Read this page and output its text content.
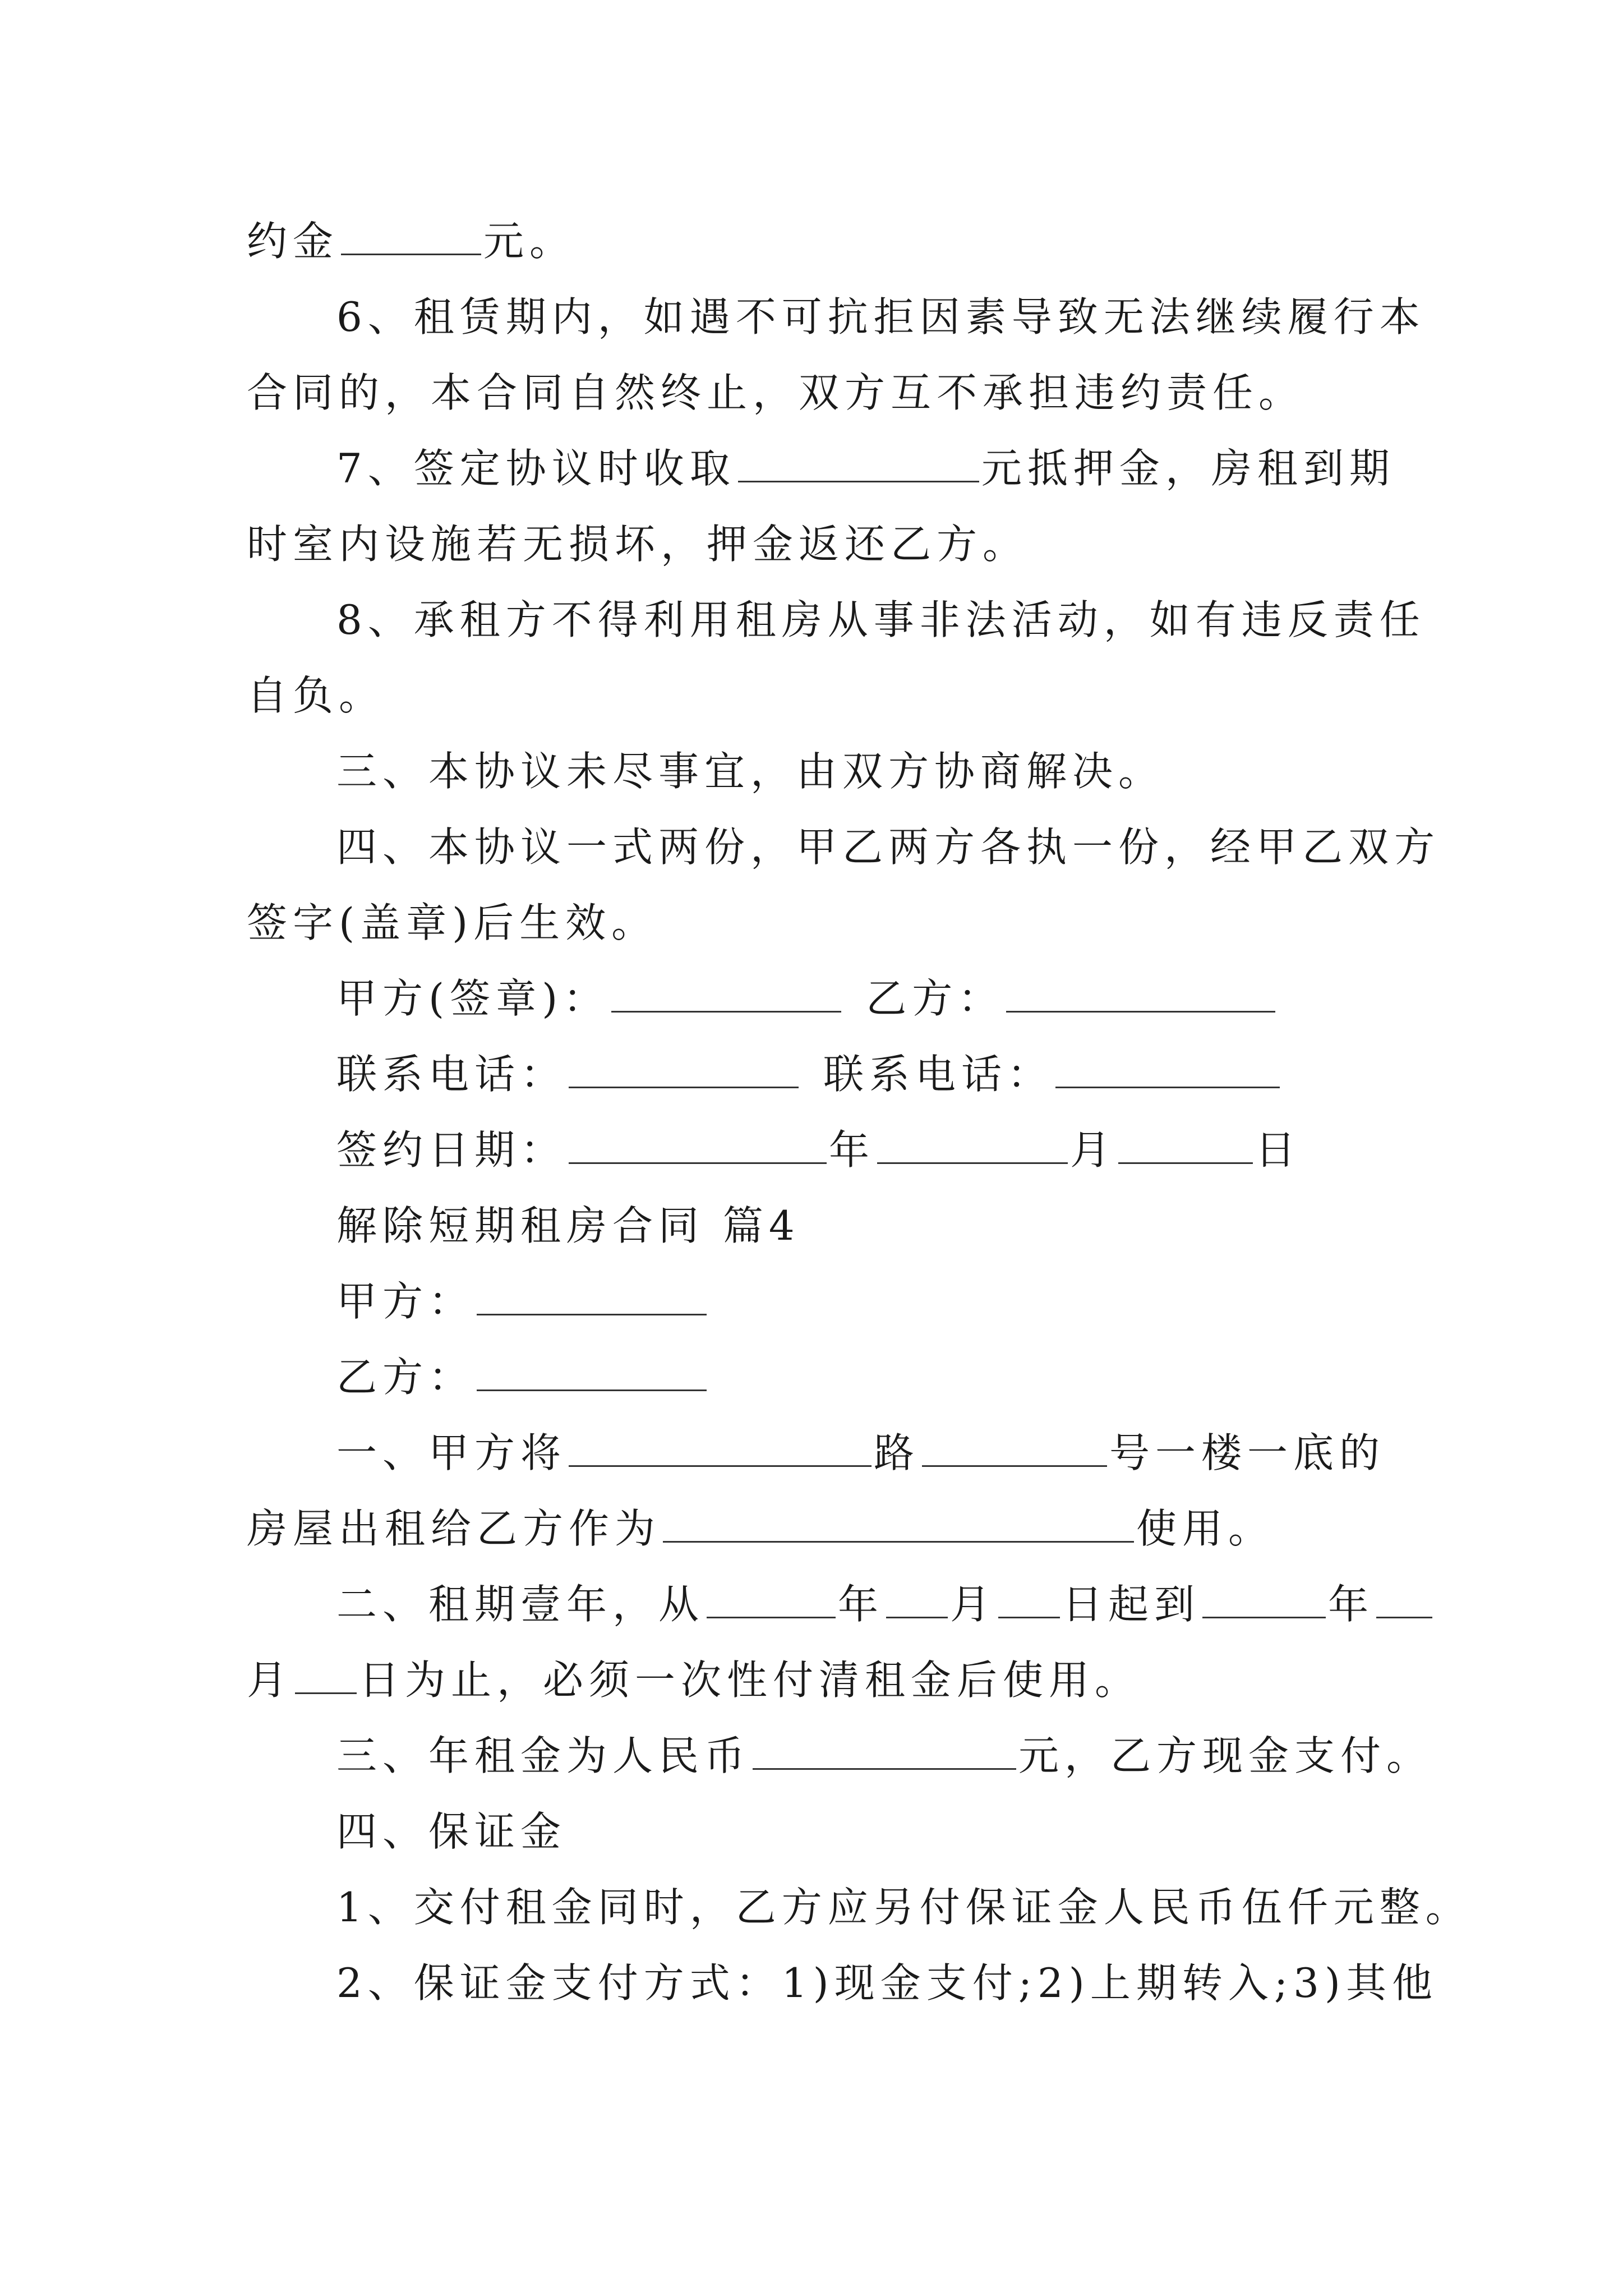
约金	元。
6、租赁期内，如遇不可抗拒因素导致无法继续履行本
合同的，本合同自然终止，双方互不承担违约责任。
7、签定协议时收取	元抵押金，房租到期
时室内设施若无损坏，押金返还乙方。
8、承租方不得利用租房从事非法活动，如有违反责任
自负。
三、本协议未尽事宜，由双方协商解决。
四、本协议一式两份，甲乙两方各执一份，经甲乙双方
签字(盖章)后生效。
甲方(签章)：	乙方：
联系电话：	联系电话：
签约日期：	年	月	日
解除短期租房合同 篇4
甲方：
乙方：
一、甲方将	路	号一楼一底的
房屋出租给乙方作为	使用。
二、租期壹年，从	年 月 日起到	年
月 日为止，必须一次性付清租金后使用。
三、年租金为人民币	元，乙方现金支付。
四、保证金
1、交付租金同时，乙方应另付保证金人民币伍仟元整。
2、保证金支付方式：1)现金支付;2)上期转入;3)其他
